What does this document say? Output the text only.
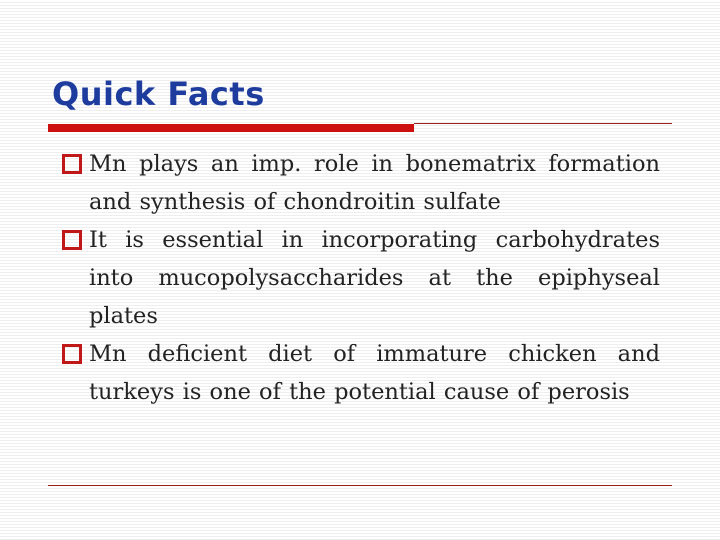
Quick Facts
Mn plays an imp. role in bonematrix formation and synthesis of chondroitin sulfate
It is essential in incorporating carbohydrates into mucopolysaccharides at the epiphyseal plates
Mn deficient diet of immature chicken and turkeys is one of the potential cause of perosis
